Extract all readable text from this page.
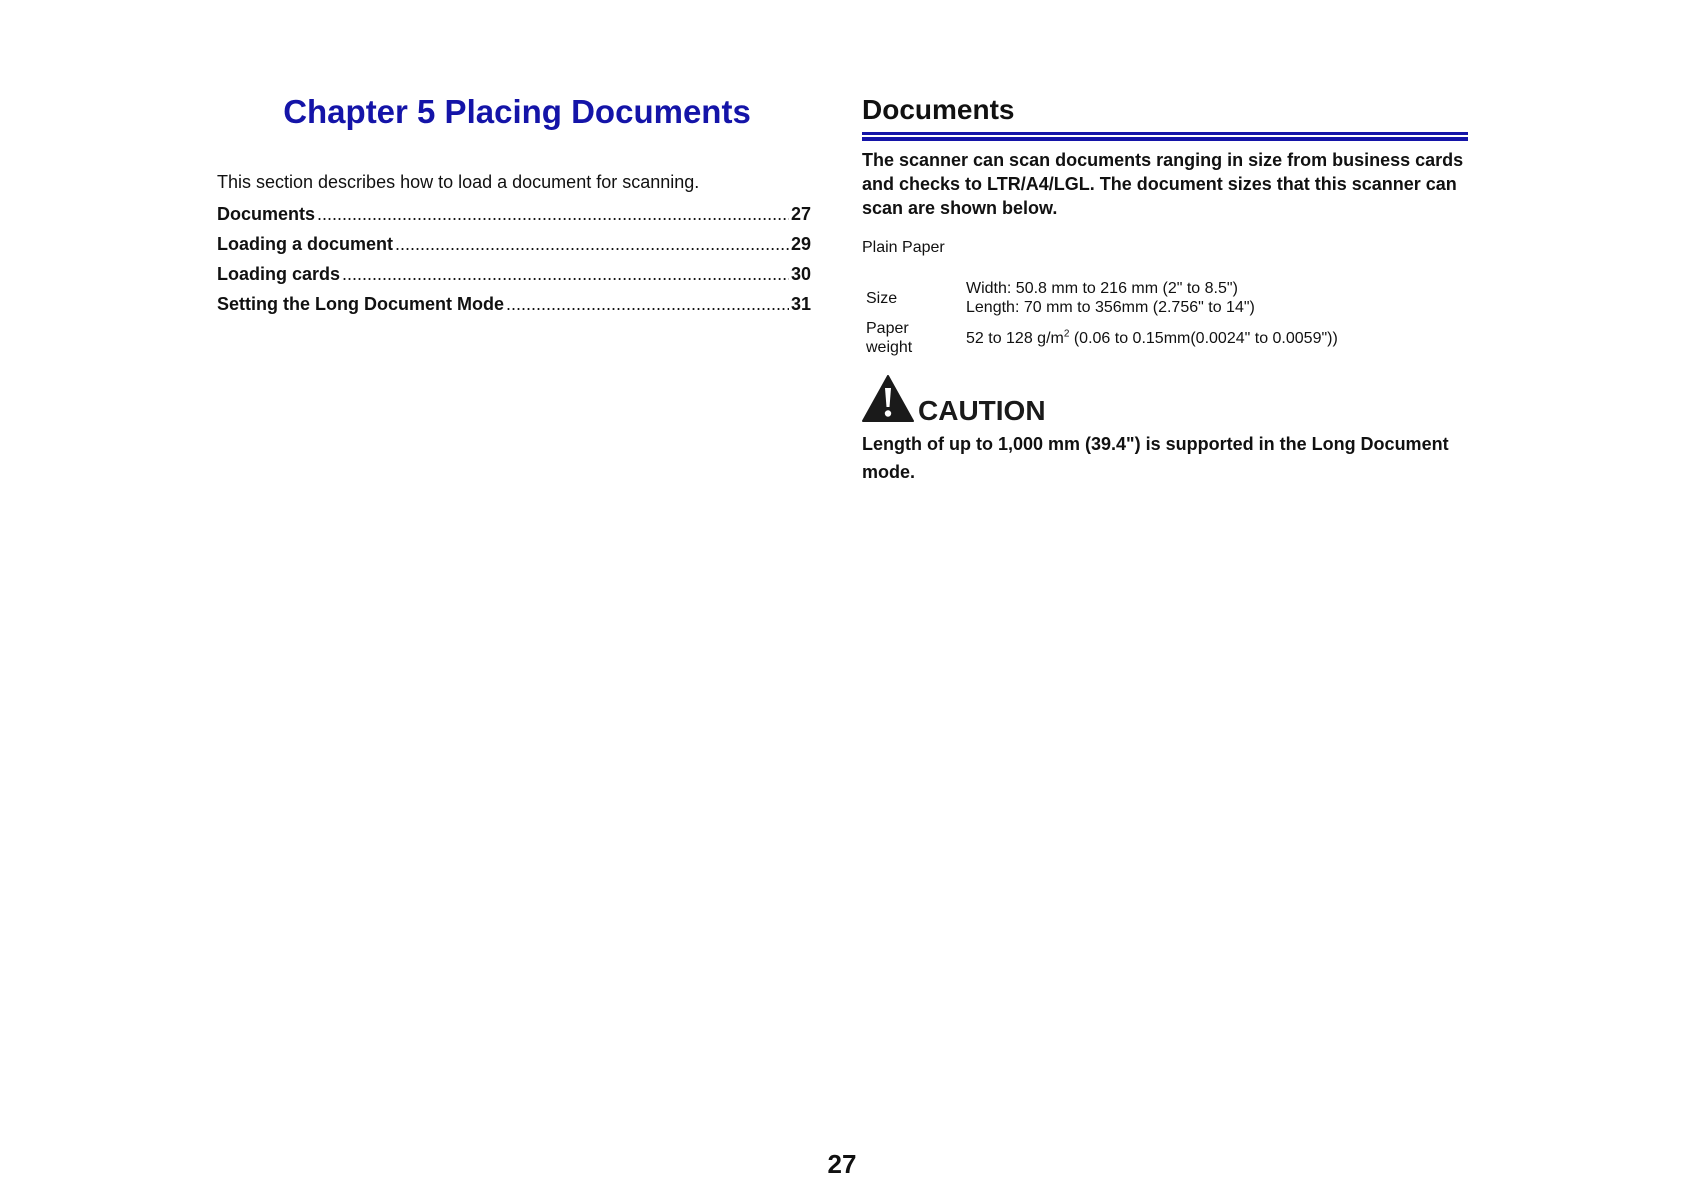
Chapter 5 Placing Documents

This section describes how to load a document for scanning.

Documents .....	27
Loading a document .....	29
Loading cards .....	30
Setting the Long Document Mode .....	31
Documents

The scanner can scan documents ranging in size from business cards and checks to LTR/A4/LGL. The document sizes that this scanner can scan are shown below.

Plain Paper

Size	Width: 50.8 mm to 216 mm (2" to 8.5")
Length: 70 mm to 356mm (2.756" to 14")

Paper
weight	52 to 128 $g/m^2$ (0.06 to 0.15mm(0.0024" to 0.0059"))
CAUTION

Length of up to 1,000 mm (39.4") is supported in the Long Document mode.

27
